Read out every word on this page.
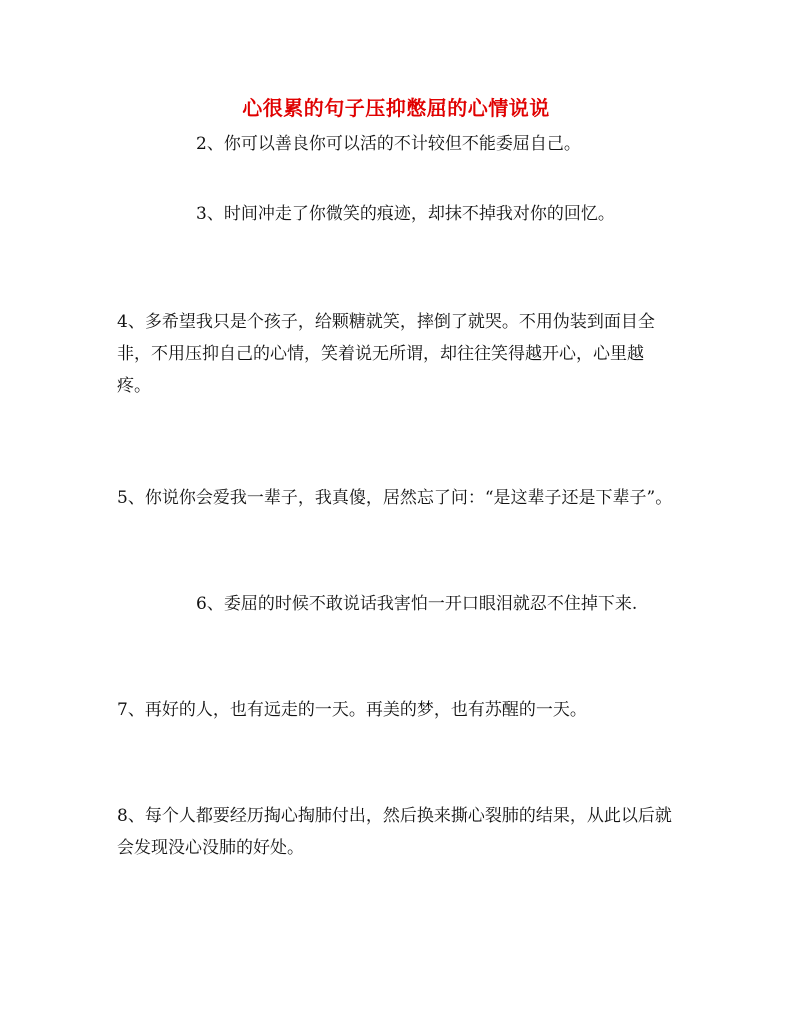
心很累的句子压抑憋屈的心情说说

2、你可以善良你可以活的不计较但不能委屈自己。

3、时间冲走了你微笑的痕迹，却抹不掉我对你的回忆。

4、多希望我只是个孩子，给颗糖就笑，摔倒了就哭。不用伪装到面目全非，不用压抑自己的心情，笑着说无所谓，却往往笑得越开心，心里越疼。

5、你说你会爱我一辈子，我真傻，居然忘了问：“是这辈子还是下辈子”。

6、委屈的时候不敢说话我害怕一开口眼泪就忍不住掉下来.

7、再好的人，也有远走的一天。再美的梦，也有苏醒的一天。

8、每个人都要经历掏心掏肺付出，然后换来撕心裂肺的结果，从此以后就会发现没心没肺的好处。
